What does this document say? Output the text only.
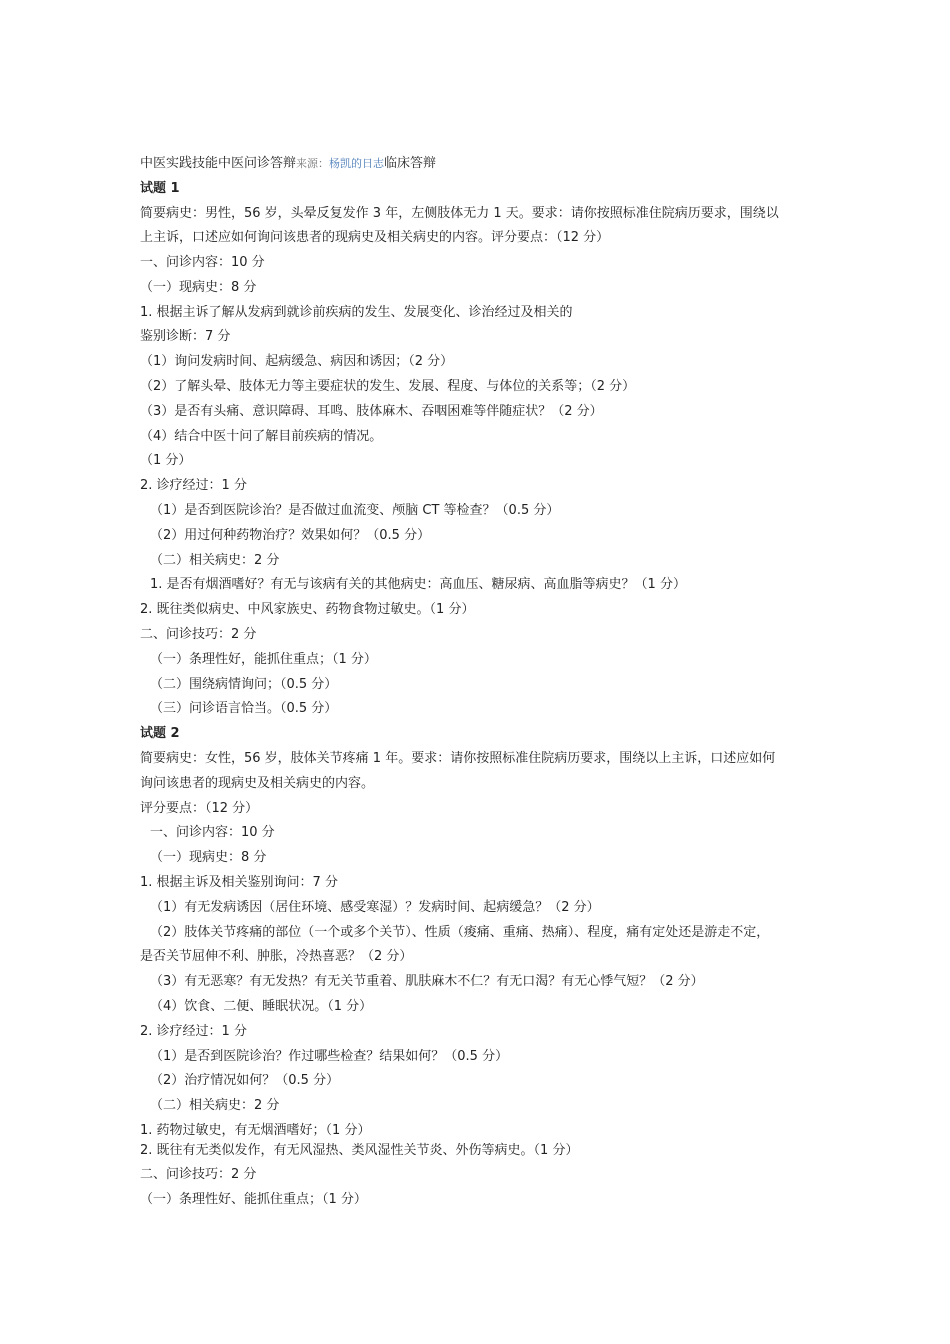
中医实践技能中医问诊答辩来源：杨凯的日志临床答辩
试题 1
简要病史：男性，56 岁，头晕反复发作 3 年，左侧肢体无力 1 天。要求：请你按照标准住院病历要求，围绕以
上主诉，口述应如何询问该患者的现病史及相关病史的内容。评分要点：（12 分）
一、问诊内容：10 分
（一）现病史：8 分
1. 根据主诉了解从发病到就诊前疾病的发生、发展变化、诊治经过及相关的
鉴别诊断：7 分
（1）询问发病时间、起病缓急、病因和诱因；（2 分）
（2）了解头晕、肢体无力等主要症状的发生、发展、程度、与体位的关系等；（2 分）
（3）是否有头痛、意识障碍、耳鸣、肢体麻木、吞咽困难等伴随症状？（2 分）
（4）结合中医十问了解目前疾病的情况。
（1 分）
2. 诊疗经过：1 分
（1）是否到医院诊治？是否做过血流变、颅脑 CT 等检查？（0.5 分）
（2）用过何种药物治疗？效果如何？（0.5 分）
（二）相关病史：2 分
1. 是否有烟酒嗜好？有无与该病有关的其他病史：高血压、糖尿病、高血脂等病史？（1 分）
2. 既往类似病史、中风家族史、药物食物过敏史。（1 分）
二、问诊技巧：2 分
（一）条理性好，能抓住重点；（1 分）
（二）围绕病情询问；（0.5 分）
（三）问诊语言恰当。（0.5 分）
试题 2
简要病史：女性，56 岁，肢体关节疼痛 1 年。要求：请你按照标准住院病历要求，围绕以上主诉，口述应如何
询问该患者的现病史及相关病史的内容。
评分要点：（12 分）
一、问诊内容：10 分
（一）现病史：8 分
1. 根据主诉及相关鉴别询问：7 分
（1）有无发病诱因（居住环境、感受寒湿）？发病时间、起病缓急？（2 分）
（2）肢体关节疼痛的部位（一个或多个关节）、性质（痠痛、重痛、热痛）、程度，痛有定处还是游走不定，
是否关节屈伸不利、肿胀，冷热喜恶？（2 分）
（3）有无恶寒？有无发热？有无关节重着、肌肤麻木不仁？有无口渴？有无心悸气短？（2 分）
（4）饮食、二便、睡眠状况。（1 分）
2. 诊疗经过：1 分
（1）是否到医院诊治？作过哪些检查？结果如何？（0.5 分）
（2）治疗情况如何？（0.5 分）
（二）相关病史：2 分
1. 药物过敏史，有无烟酒嗜好；（1 分）
2. 既往有无类似发作，有无风湿热、类风湿性关节炎、外伤等病史。（1 分）
二、问诊技巧：2 分
（一）条理性好、能抓住重点；（1 分）
